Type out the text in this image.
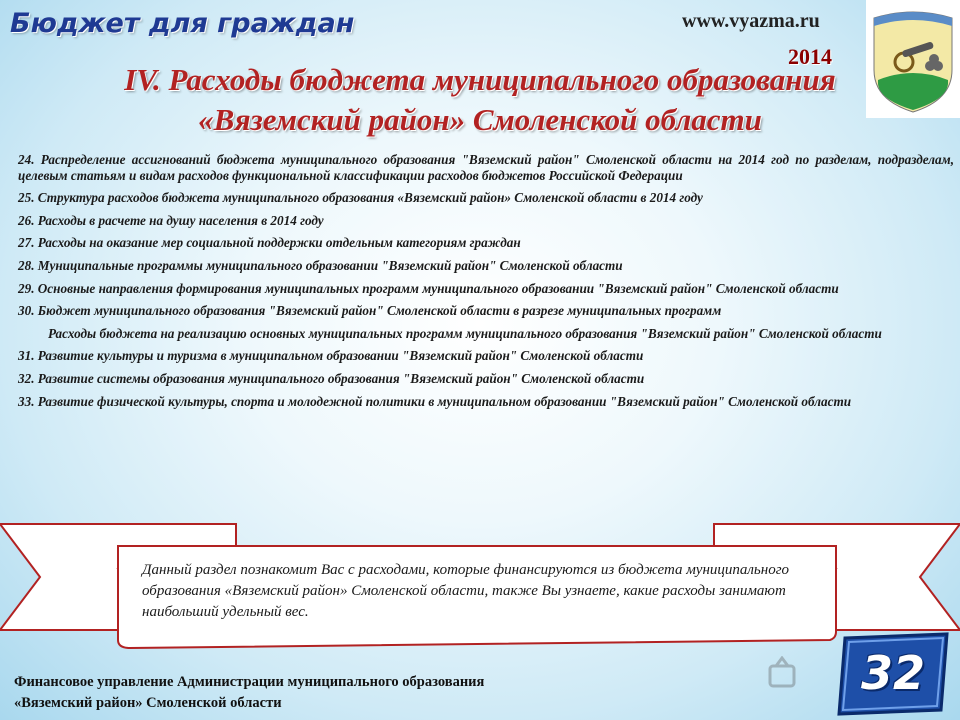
Бюджет для граждан	www.vyazma.ru
2014
IV. Расходы бюджета муниципального образования
«Вяземский район» Смоленской области
24. Распределение ассигнований бюджета муниципального образования "Вяземский район" Смоленской области на 2014 год по разделам, подразделам, целевым статьям и видам расходов функциональной классификации расходов бюджетов Российской Федерации
25. Структура расходов бюджета муниципального образования «Вяземский район» Смоленской области в 2014 году
26. Расходы в расчете на душу населения в 2014 году
27. Расходы на оказание мер социальной поддержки отдельным категориям граждан
28. Муниципальные программы муниципального образовании "Вяземский район" Смоленской области
29. Основные направления формирования муниципальных программ муниципального образовании "Вяземский район" Смоленской области
30. Бюджет муниципального образования "Вяземский район" Смоленской области в разрезе муниципальных программ
Расходы бюджета на реализацию основных муниципальных программ муниципального образования "Вяземский район" Смоленской области
31. Развитие культуры и туризма в муниципальном образовании "Вяземский район" Смоленской области
32. Развитие системы образования муниципального образования "Вяземский район" Смоленской области
33. Развитие физической культуры, спорта и молодежной политики в муниципальном образовании "Вяземский район" Смоленской области
Данный раздел познакомит Вас с расходами, которые финансируются из бюджета муниципального образования «Вяземский район» Смоленской области, также Вы узнаете, какие расходы занимают наибольший удельный вес.
Финансовое управление Администрации муниципального образования
«Вяземский район» Смоленской области
32
